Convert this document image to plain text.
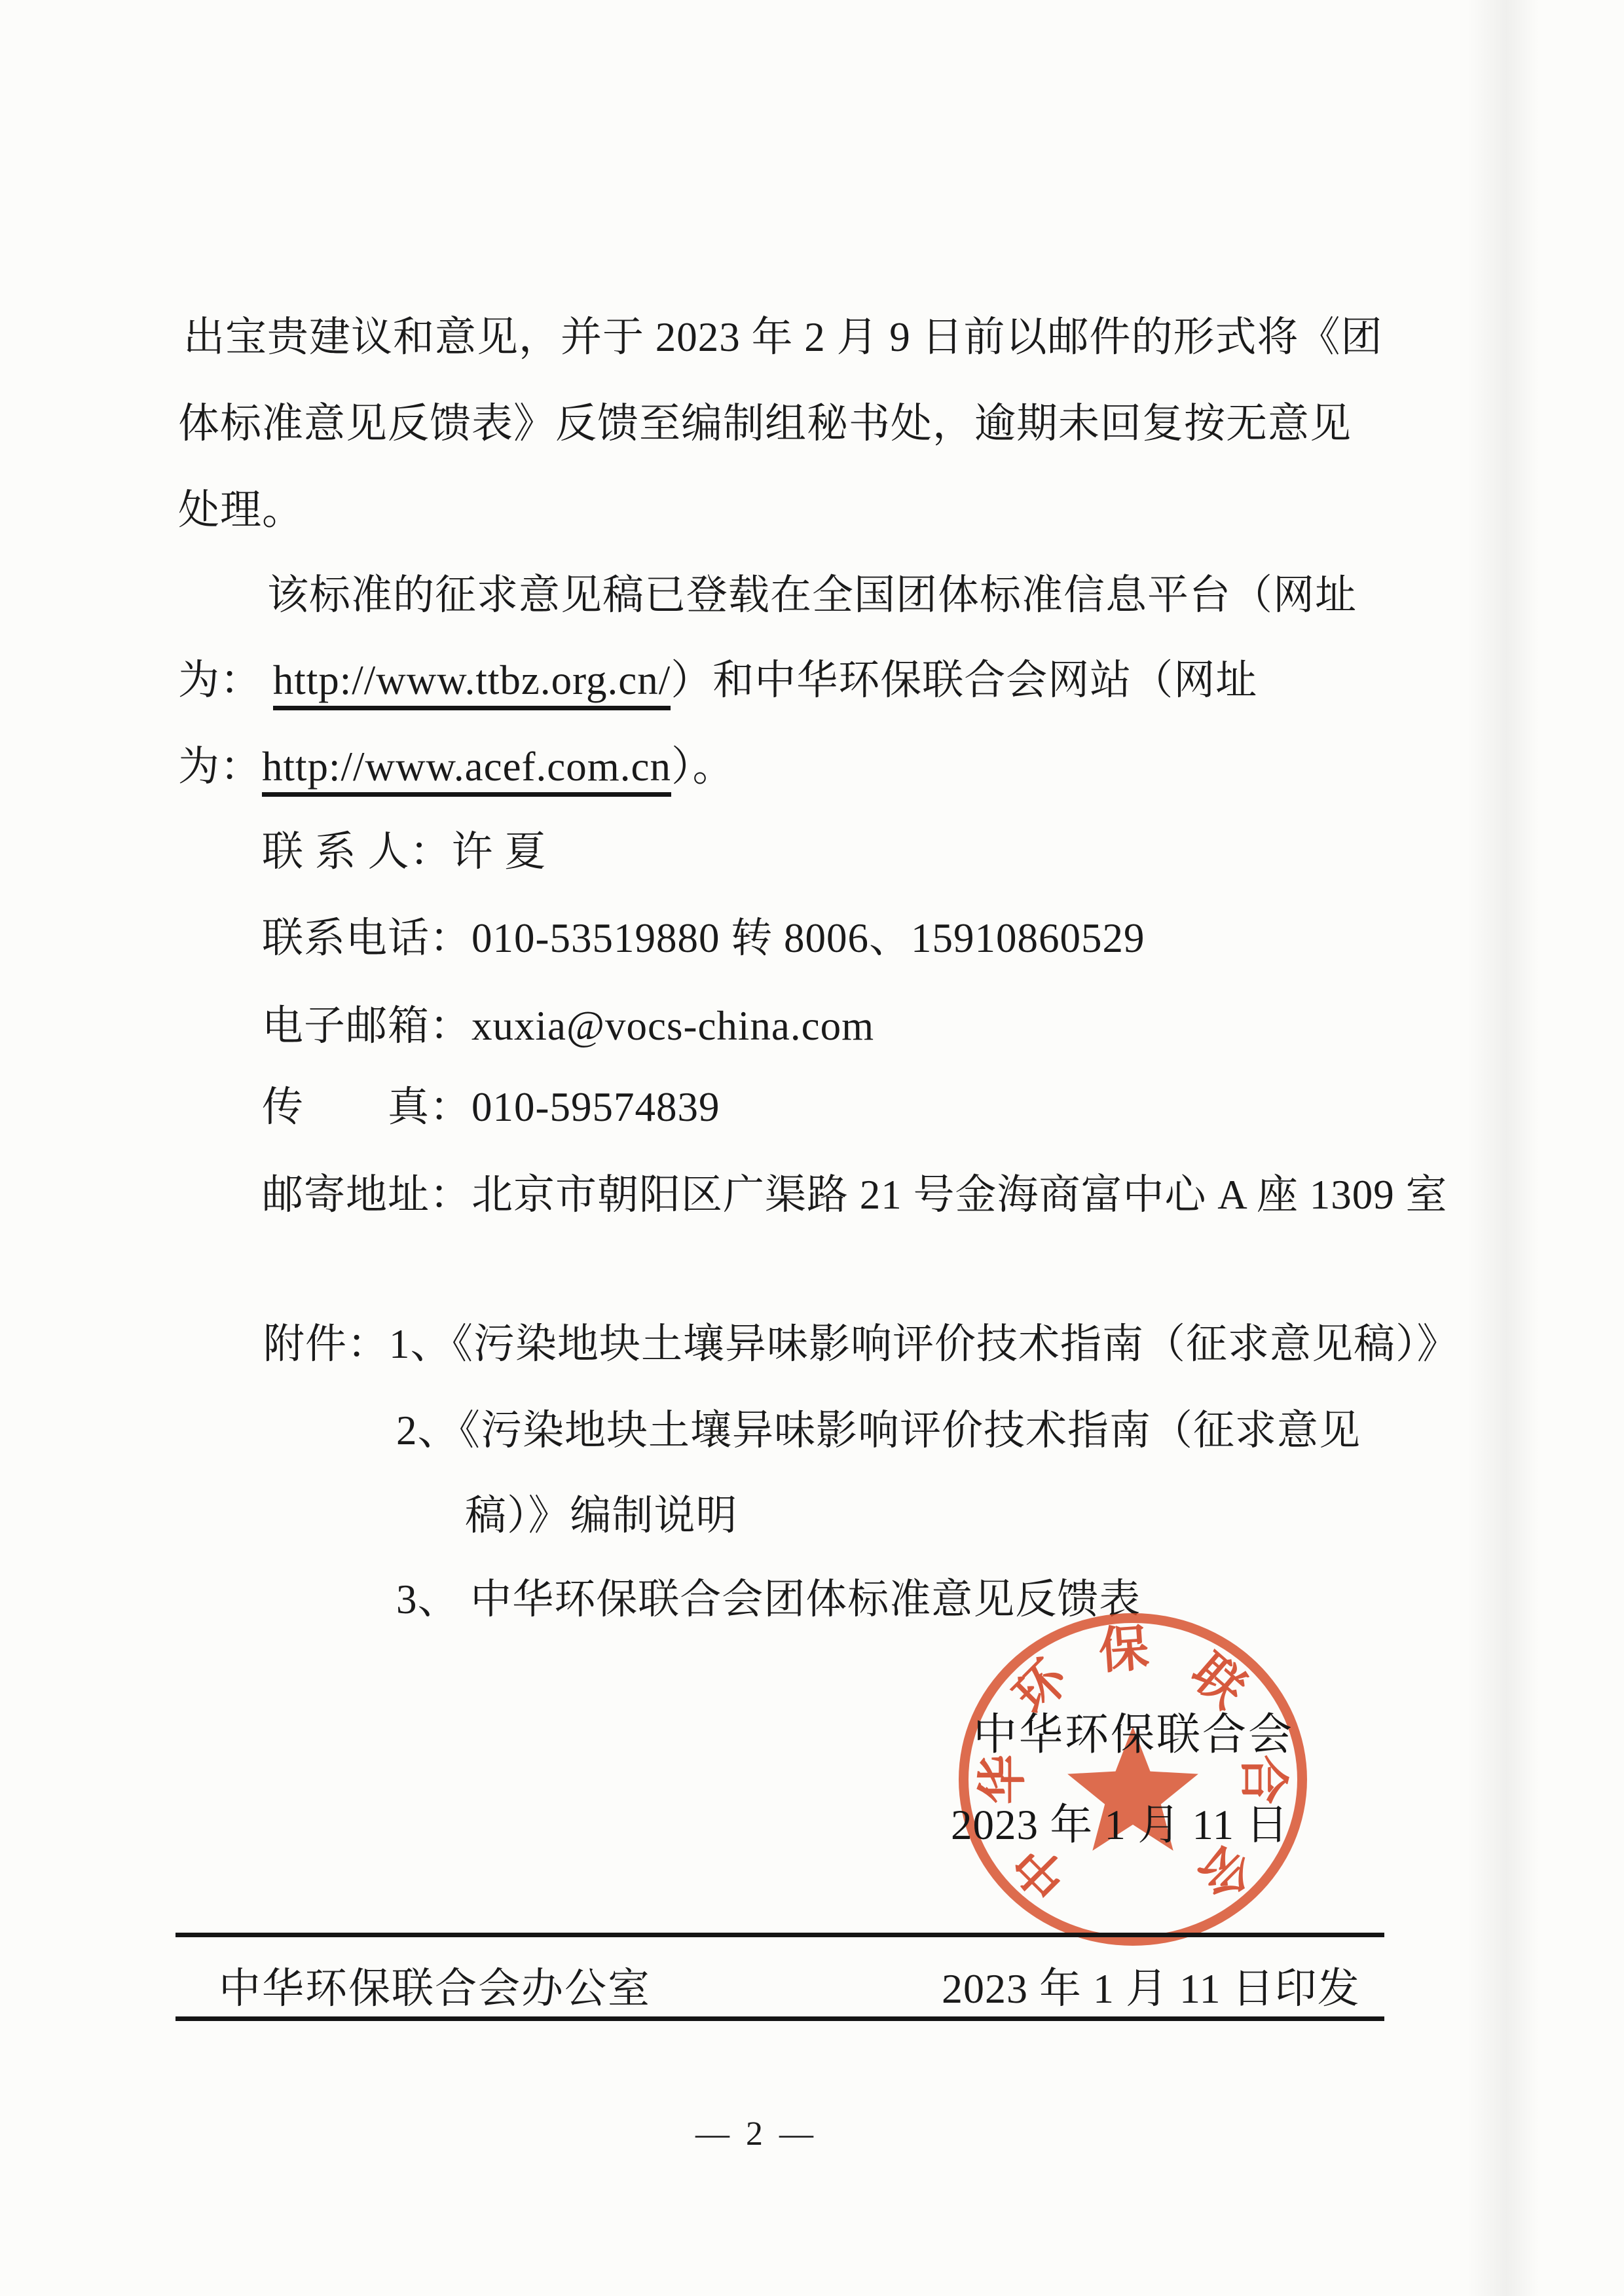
出宝贵建议和意见，并于 2023 年 2 月 9 日前以邮件的形式将《团
体标准意见反馈表》反馈至编制组秘书处，逾期未回复按无意见
处理。
该标准的征求意见稿已登载在全国团体标准信息平台（网址
为： http://www.ttbz.org.cn/）和中华环保联合会网站（网址
为：http://www.acef.com.cn）。
联 系 人：许 夏
联系电话：010-53519880 转 8006、15910860529
电子邮箱：xuxia@vocs-china.com
传　　真：010-59574839
邮寄地址：北京市朝阳区广渠路 21 号金海商富中心 A 座 1309 室
附件：1、《污染地块土壤异味影响评价技术指南（征求意见稿）》
2、《污染地块土壤异味影响评价技术指南（征求意见
稿）》编制说明
3、 中华环保联合会团体标准意见反馈表
中
华
环
保 联
合
会
中华环保联合会
2023 年 1 月 11 日
中华环保联合会办公室	2023 年 1 月 11 日印发
— 2 —
